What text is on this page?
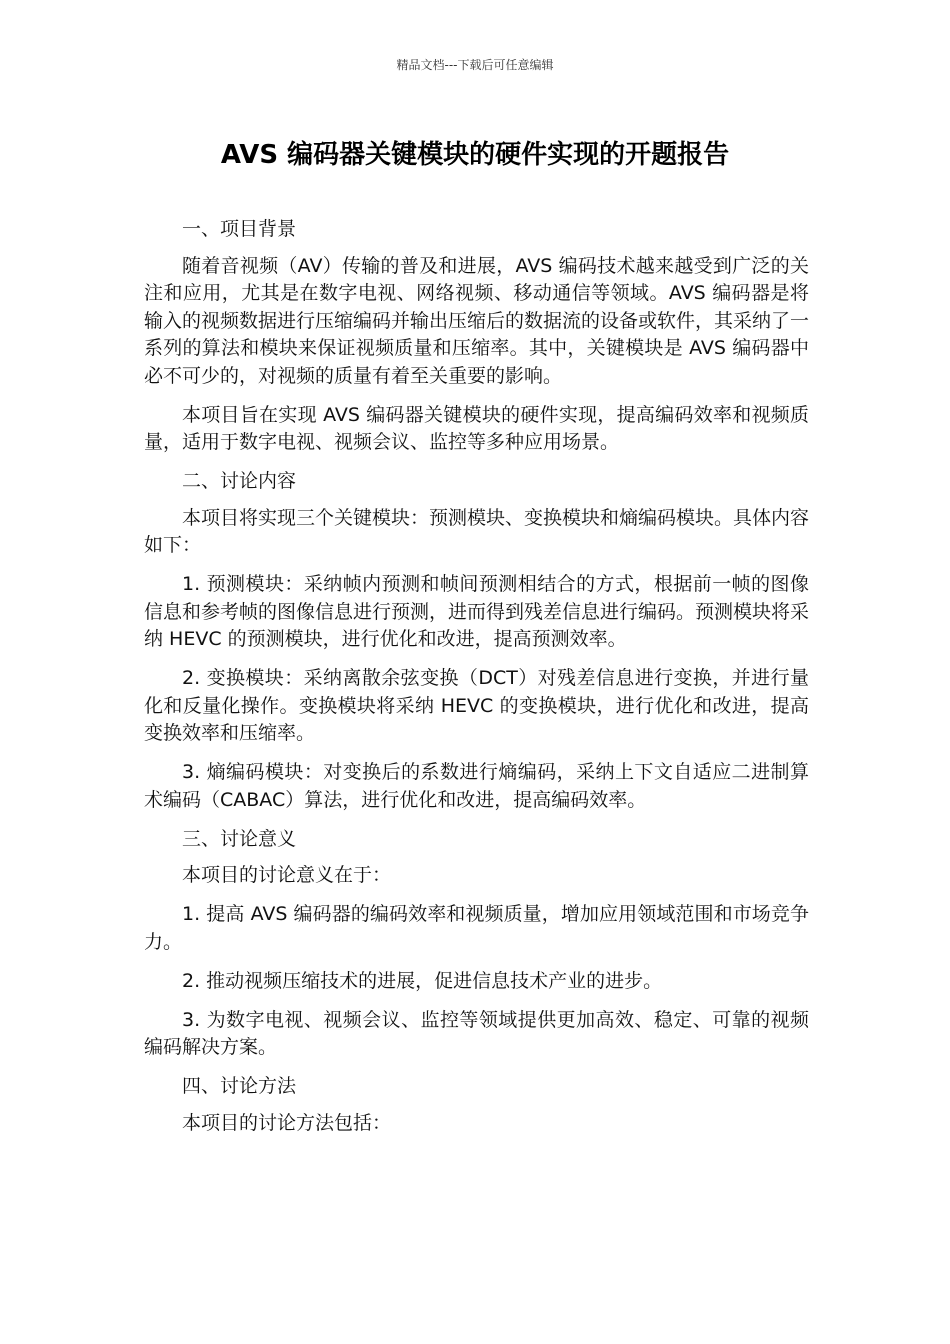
精品文档---下载后可任意编辑
AVS 编码器关键模块的硬件实现的开题报告

一、项目背景

随着音视频（AV）传输的普及和进展，AVS 编码技术越来越受到广泛的关注和应用，尤其是在数字电视、网络视频、移动通信等领域。AVS 编码器是将输入的视频数据进行压缩编码并输出压缩后的数据流的设备或软件，其采纳了一系列的算法和模块来保证视频质量和压缩率。其中，关键模块是 AVS 编码器中必不可少的，对视频的质量有着至关重要的影响。

本项目旨在实现 AVS 编码器关键模块的硬件实现，提高编码效率和视频质量，适用于数字电视、视频会议、监控等多种应用场景。

二、讨论内容

本项目将实现三个关键模块：预测模块、变换模块和熵编码模块。具体内容如下：

1. 预测模块：采纳帧内预测和帧间预测相结合的方式，根据前一帧的图像信息和参考帧的图像信息进行预测，进而得到残差信息进行编码。预测模块将采纳 HEVC 的预测模块，进行优化和改进，提高预测效率。

2. 变换模块：采纳离散余弦变换（DCT）对残差信息进行变换，并进行量化和反量化操作。变换模块将采纳 HEVC 的变换模块，进行优化和改进，提高变换效率和压缩率。

3. 熵编码模块：对变换后的系数进行熵编码，采纳上下文自适应二进制算术编码（CABAC）算法，进行优化和改进，提高编码效率。

三、讨论意义

本项目的讨论意义在于：

1. 提高 AVS 编码器的编码效率和视频质量，增加应用领域范围和市场竞争力。

2. 推动视频压缩技术的进展，促进信息技术产业的进步。

3. 为数字电视、视频会议、监控等领域提供更加高效、稳定、可靠的视频编码解决方案。

四、讨论方法

本项目的讨论方法包括：
